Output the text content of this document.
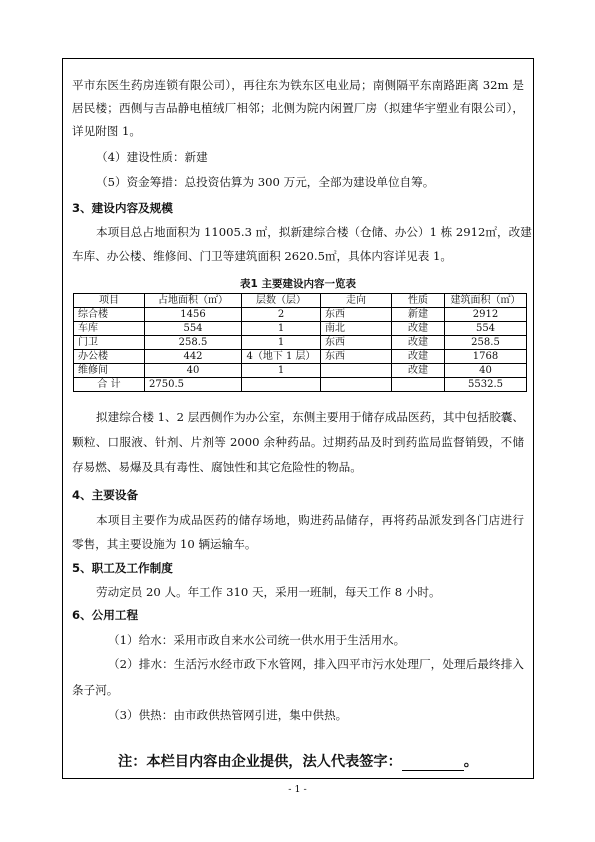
平市东医生药房连锁有限公司），再往东为铁东区电业局；南侧隔平东南路距离 32m 是
居民楼；西侧与吉品静电植绒厂相邻；北侧为院内闲置厂房（拟建华宇塑业有限公司），
详见附图 1。
（4）建设性质：新建
（5）资金筹措：总投资估算为 300 万元，全部为建设单位自筹。
3、建设内容及规模
本项目总占地面积为 11005.3 ㎡，拟新建综合楼（仓储、办公）1 栋 2912㎡，改建
车库、办公楼、维修间、门卫等建筑面积 2620.5㎡，具体内容详见表 1。
表1 主要建设内容一览表
项目	占地面积（㎡）	层数（层）	走向	性质	建筑面积（㎡）
综合楼	1456	2	东西	新建	2912
车库	554	1	南北	改建	554
门卫	258.5	1	东西	改建	258.5
办公楼	442	4（地下 1 层）	东西	改建	1768
维修间	40	1		改建	40
合 计	2750.5				5532.5
拟建综合楼 1、2 层西侧作为办公室，东侧主要用于储存成品医药，其中包括胶囊、
颗粒、口服液、针剂、片剂等 2000 余种药品。过期药品及时到药监局监督销毁，不储
存易燃、易爆及具有毒性、腐蚀性和其它危险性的物品。
4、主要设备
本项目主要作为成品医药的储存场地，购进药品储存，再将药品派发到各门店进行
零售，其主要设施为 10 辆运输车。
5、职工及工作制度
劳动定员 20 人。年工作 310 天，采用一班制，每天工作 8 小时。
6、公用工程
（1）给水：采用市政自来水公司统一供水用于生活用水。
（2）排水：生活污水经市政下水管网，排入四平市污水处理厂，处理后最终排入
条子河。
（3）供热：由市政供热管网引进，集中供热。
注：本栏目内容由企业提供，法人代表签字：	。
- 1 -
